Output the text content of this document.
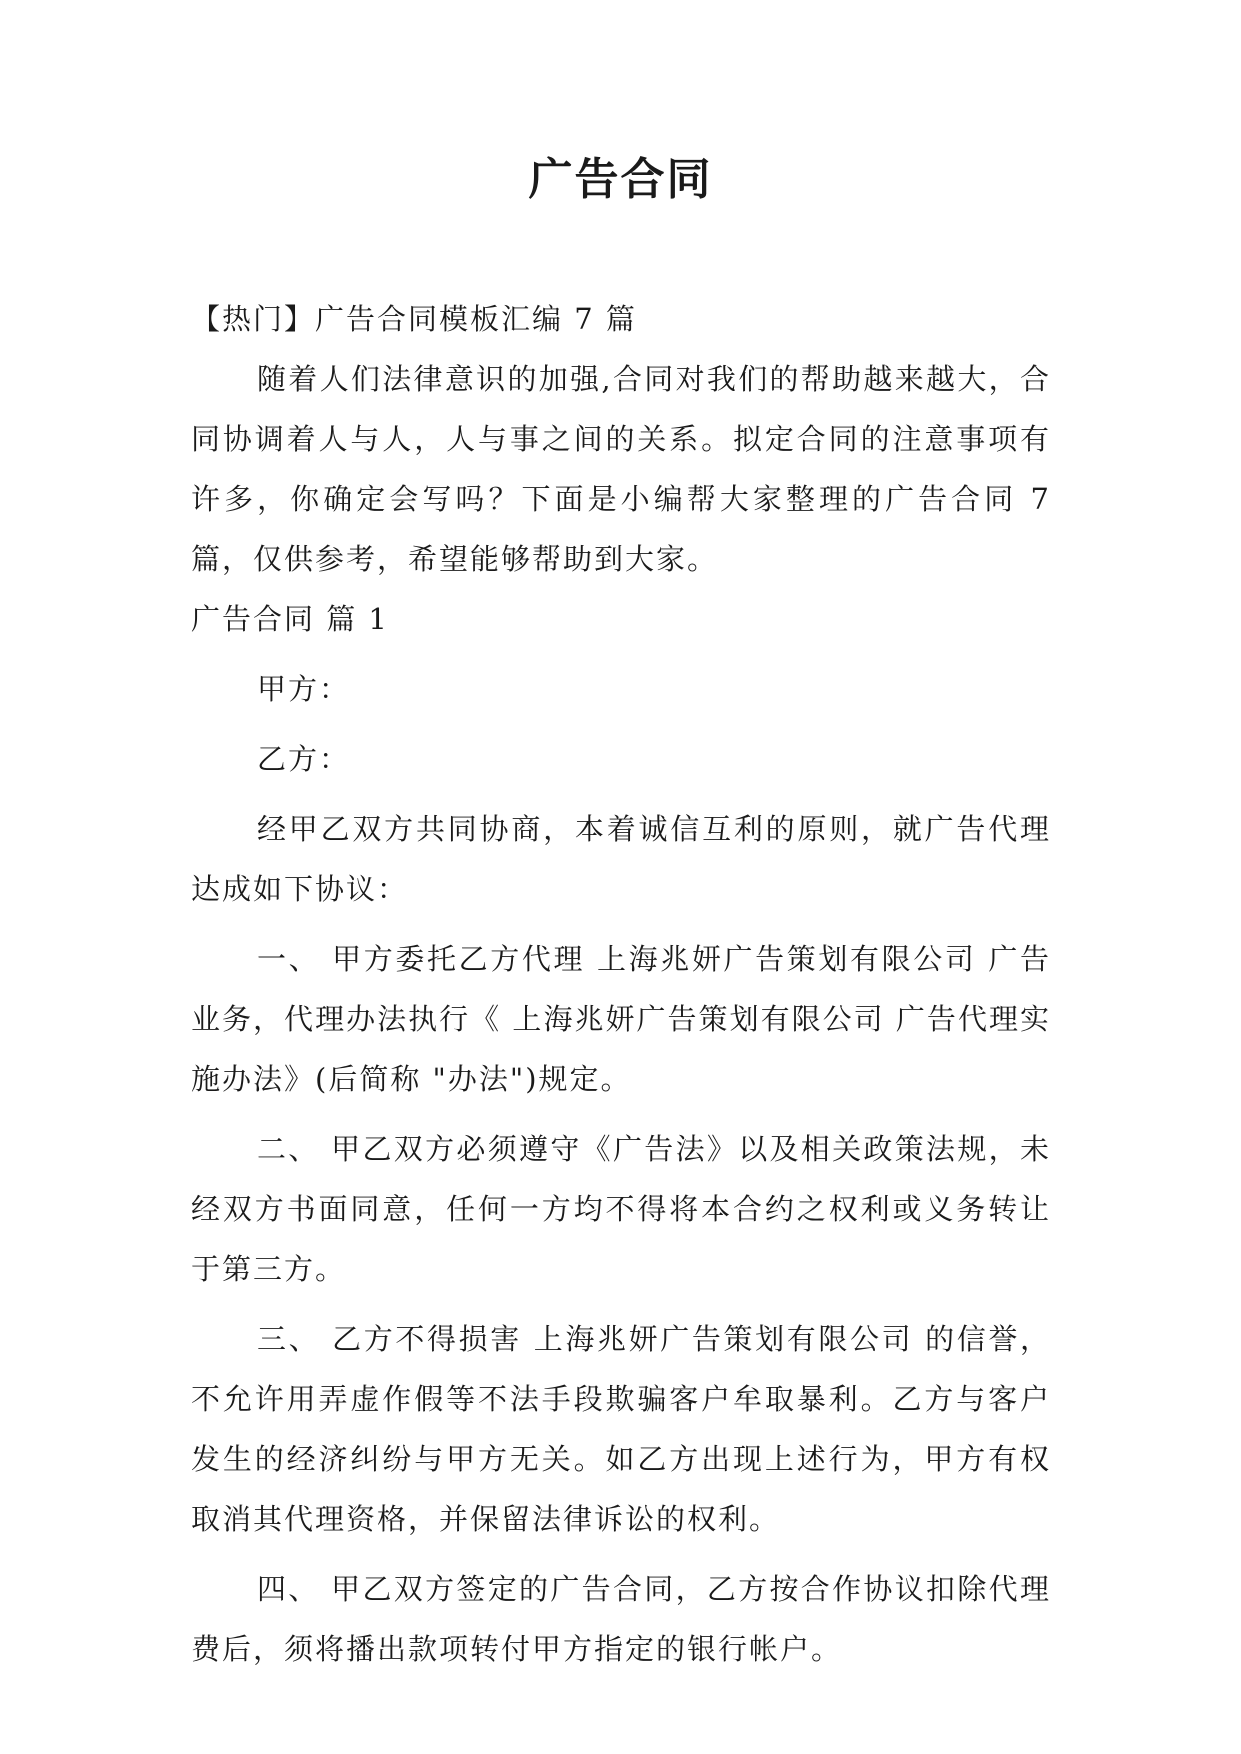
广告合同

【热门】广告合同模板汇编 7 篇

随着人们法律意识的加强,合同对我们的帮助越来越大，合同协调着人与人，人与事之间的关系。拟定合同的注意事项有许多，你确定会写吗？下面是小编帮大家整理的广告合同 7 篇，仅供参考，希望能够帮助到大家。

广告合同 篇 1

甲方：

乙方：

经甲乙双方共同协商，本着诚信互利的原则，就广告代理达成如下协议：

一、 甲方委托乙方代理 上海兆妍广告策划有限公司 广告业务，代理办法执行《 上海兆妍广告策划有限公司 广告代理实施办法》(后简称 "办法")规定。

二、 甲乙双方必须遵守《广告法》以及相关政策法规，未经双方书面同意，任何一方均不得将本合约之权利或义务转让于第三方。

三、 乙方不得损害 上海兆妍广告策划有限公司 的信誉，不允许用弄虚作假等不法手段欺骗客户牟取暴利。乙方与客户发生的经济纠纷与甲方无关。如乙方出现上述行为，甲方有权取消其代理资格，并保留法律诉讼的权利。

四、 甲乙双方签定的广告合同，乙方按合作协议扣除代理费后，须将播出款项转付甲方指定的银行帐户。
